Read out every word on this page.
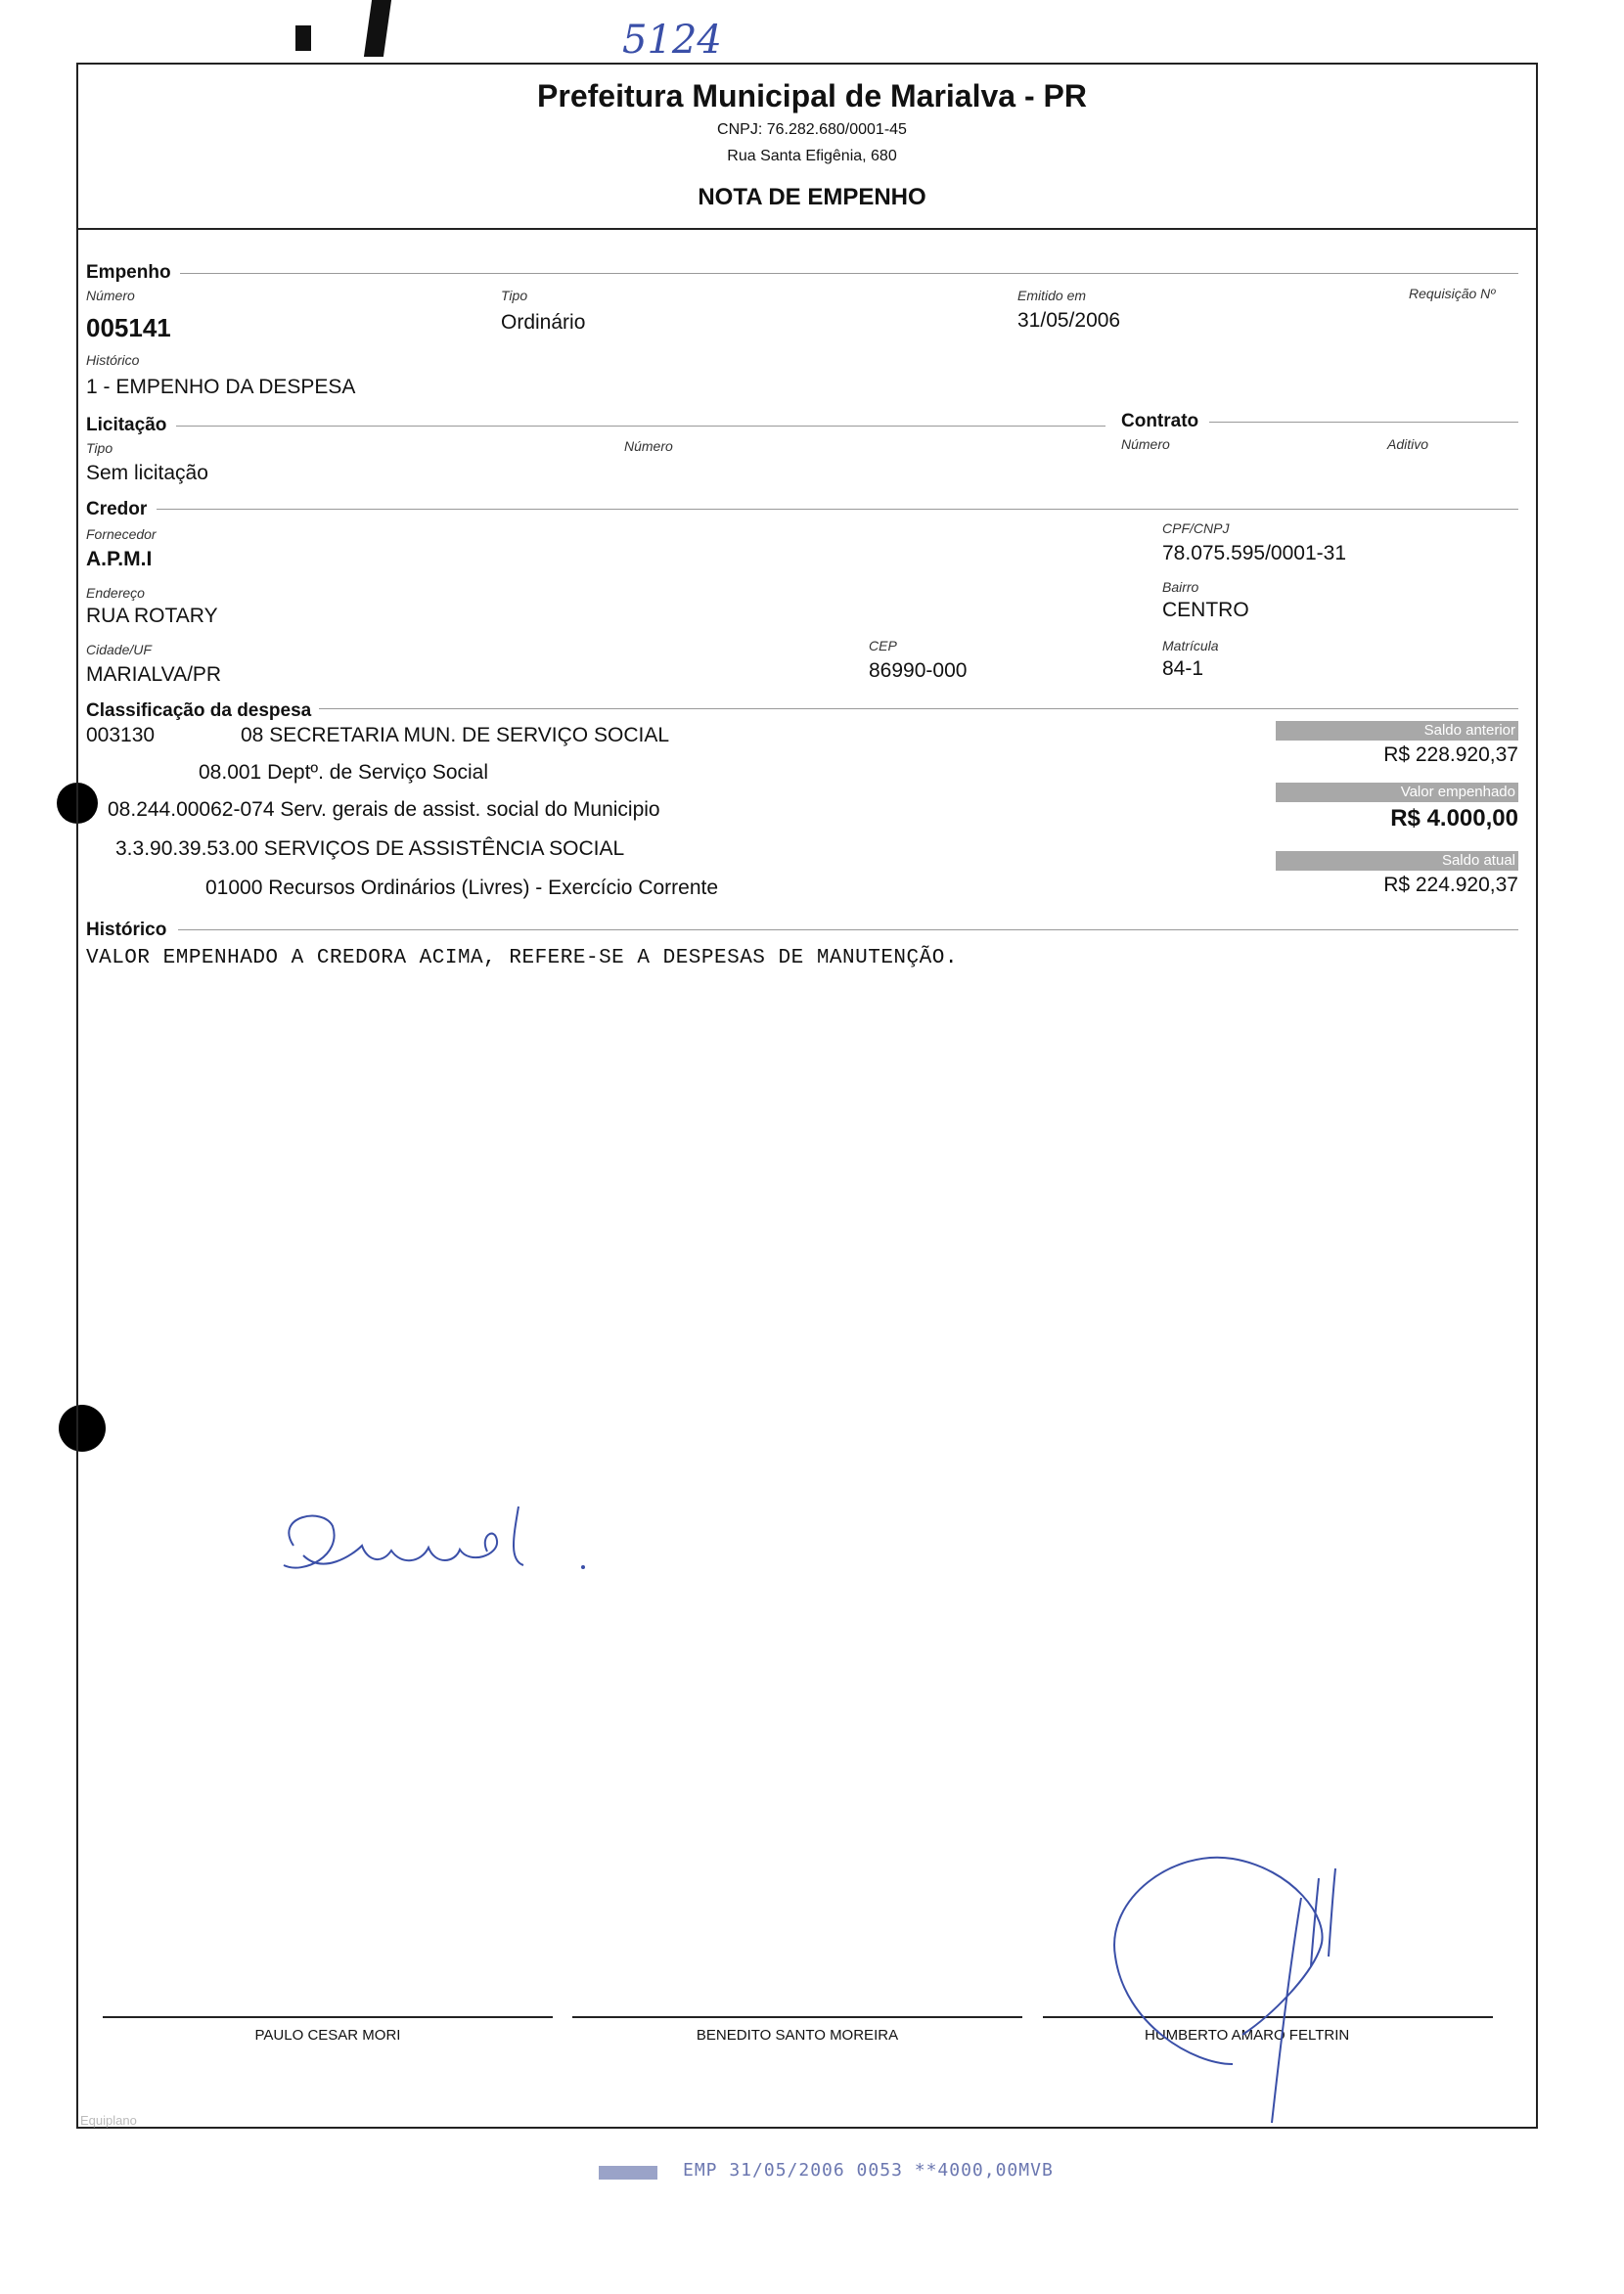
5124
Prefeitura Municipal de Marialva - PR
CNPJ: 76.282.680/0001-45
Rua Santa Efigênia, 680
NOTA DE EMPENHO
Empenho
Número
005141
Tipo
Ordinário
Emitido em
31/05/2006
Requisição Nº
Histórico
1 - EMPENHO DA DESPESA
Licitação	Contrato
Tipo
Sem licitação
Número	Número	Aditivo
Credor
Fornecedor
A.P.M.I
CPF/CNPJ
78.075.595/0001-31
Endereço
RUA ROTARY
Bairro
CENTRO
Cidade/UF
MARIALVA/PR
CEP
86990-000
Matrícula
84-1
Classificação da despesa
003130	08 SECRETARIA MUN. DE SERVIÇO SOCIAL
08.001 Deptº. de Serviço Social
08.244.00062-074 Serv. gerais de assist. social do Municipio
3.3.90.39.53.00 SERVIÇOS DE ASSISTÊNCIA SOCIAL
01000 Recursos Ordinários (Livres) - Exercício Corrente
Saldo anterior
R$ 228.920,37
Valor empenhado
R$ 4.000,00
Saldo atual
R$ 224.920,37
Histórico
VALOR EMPENHADO A CREDORA ACIMA, REFERE-SE A DESPESAS DE MANUTENÇÃO.
PAULO CESAR MORI	BENEDITO SANTO MOREIRA	HUMBERTO AMARO FELTRIN
Equiplano
EMP 31/05/2006 0053 **4000,00MVB
